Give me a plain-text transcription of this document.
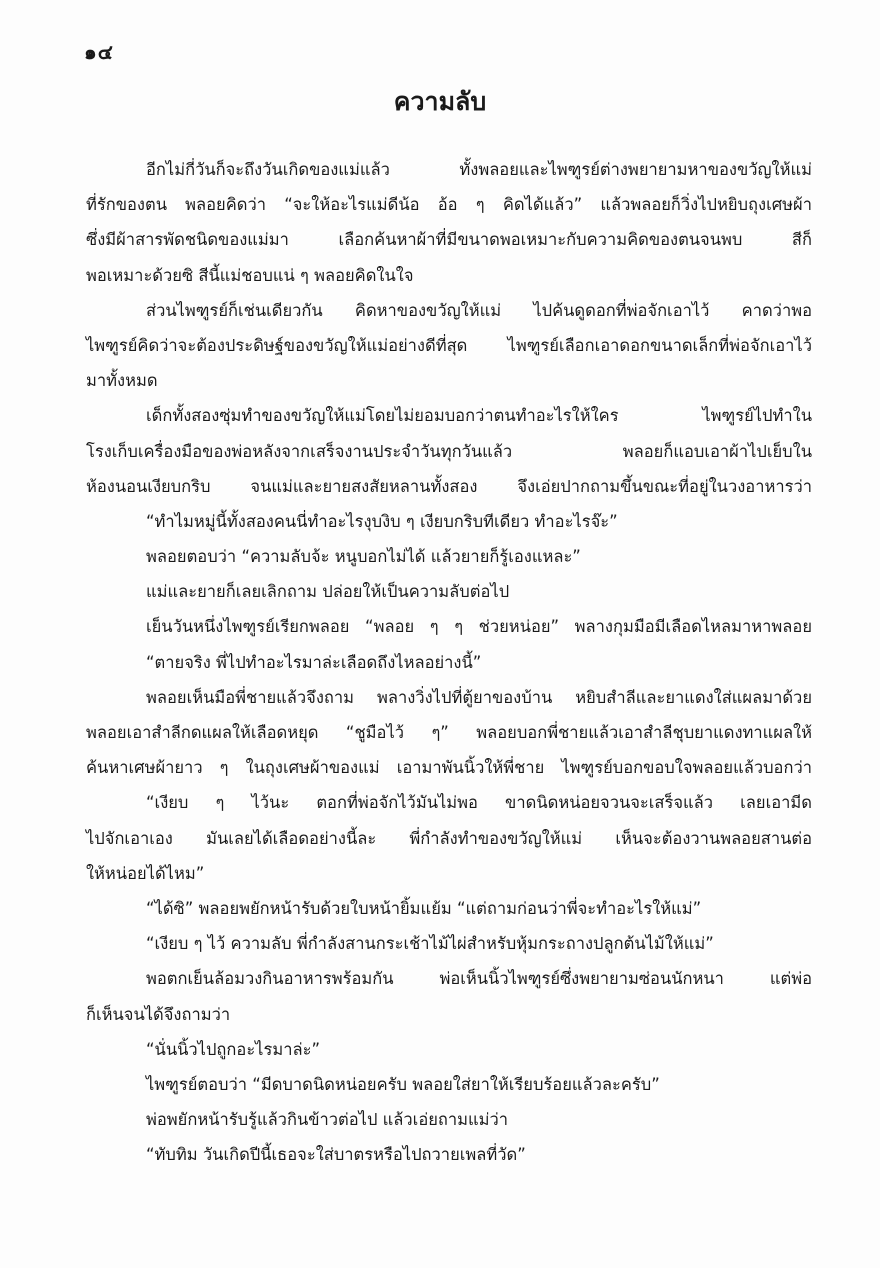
๑๔
ความลับ
อีกไม่กี่วันก็จะถึงวันเกิดของแม่แล้ว ทั้งพลอยและไพฑูรย์ต่างพยายามหาของขวัญให้แม่
ที่รักของตน พลอยคิดว่า “จะให้อะไรแม่ดีน้อ อ้อ ๆ คิดได้แล้ว” แล้วพลอยก็วิ่งไปหยิบถุงเศษผ้า
ซึ่งมีผ้าสารพัดชนิดของแม่มา เลือกค้นหาผ้าที่มีขนาดพอเหมาะกับความคิดของตนจนพบ สีก็
พอเหมาะด้วยซิ สีนี้แม่ชอบแน่ ๆ พลอยคิดในใจ
ส่วนไพฑูรย์ก็เช่นเดียวกัน คิดหาของขวัญให้แม่ ไปค้นดูดอกที่พ่อจักเอาไว้ คาดว่าพอ
ไพฑูรย์คิดว่าจะต้องประดิษฐ์ของขวัญให้แม่อย่างดีที่สุด ไพฑูรย์เลือกเอาดอกขนาดเล็กที่พ่อจักเอาไว้
มาทั้งหมด
เด็กทั้งสองซุ่มทำของขวัญให้แม่โดยไม่ยอมบอกว่าตนทำอะไรให้ใคร ไพฑูรย์ไปทำใน
โรงเก็บเครื่องมือของพ่อหลังจากเสร็จงานประจำวันทุกวันแล้ว พลอยก็แอบเอาผ้าไปเย็บใน
ห้องนอนเงียบกริบ จนแม่และยายสงสัยหลานทั้งสอง จึงเอ่ยปากถามขึ้นขณะที่อยู่ในวงอาหารว่า
“ทำไมหมู่นี้ทั้งสองคนนี่ทำอะไรงุบงิบ ๆ เงียบกริบทีเดียว ทำอะไรจ๊ะ”
พลอยตอบว่า “ความลับจ้ะ หนูบอกไม่ได้ แล้วยายก็รู้เองแหละ”
แม่และยายก็เลยเลิกถาม ปล่อยให้เป็นความลับต่อไป
เย็นวันหนึ่งไพฑูรย์เรียกพลอย “พลอย ๆ ๆ ช่วยหน่อย” พลางกุมมือมีเลือดไหลมาหาพลอย
“ตายจริง พี่ไปทำอะไรมาล่ะเลือดถึงไหลอย่างนี้”
พลอยเห็นมือพี่ชายแล้วจึงถาม พลางวิ่งไปที่ตู้ยาของบ้าน หยิบสำลีและยาแดงใส่แผลมาด้วย
พลอยเอาสำลีกดแผลให้เลือดหยุด “ชูมือไว้ ๆ” พลอยบอกพี่ชายแล้วเอาสำลีชุบยาแดงทาแผลให้
ค้นหาเศษผ้ายาว ๆ ในถุงเศษผ้าของแม่ เอามาพันนิ้วให้พี่ชาย ไพฑูรย์บอกขอบใจพลอยแล้วบอกว่า
“เงียบ ๆ ไว้นะ ตอกที่พ่อจักไว้มันไม่พอ ขาดนิดหน่อยจวนจะเสร็จแล้ว เลยเอามีด
ไปจักเอาเอง มันเลยได้เลือดอย่างนี้ละ พี่กำลังทำของขวัญให้แม่ เห็นจะต้องวานพลอยสานต่อ
ให้หน่อยได้ไหม”
“ได้ซิ” พลอยพยักหน้ารับด้วยใบหน้ายิ้มแย้ม “แต่ถามก่อนว่าพี่จะทำอะไรให้แม่”
“เงียบ ๆ ไว้ ความลับ พี่กำลังสานกระเช้าไม้ไผ่สำหรับหุ้มกระถางปลูกต้นไม้ให้แม่”
พอตกเย็นล้อมวงกินอาหารพร้อมกัน พ่อเห็นนิ้วไพฑูรย์ซึ่งพยายามซ่อนนักหนา แต่พ่อ
ก็เห็นจนได้จึงถามว่า
“นั่นนิ้วไปถูกอะไรมาล่ะ”
ไพฑูรย์ตอบว่า “มีดบาดนิดหน่อยครับ พลอยใส่ยาให้เรียบร้อยแล้วละครับ”
พ่อพยักหน้ารับรู้แล้วกินข้าวต่อไป แล้วเอ่ยถามแม่ว่า
“ทับทิม วันเกิดปีนี้เธอจะใส่บาตรหรือไปถวายเพลที่วัด”
